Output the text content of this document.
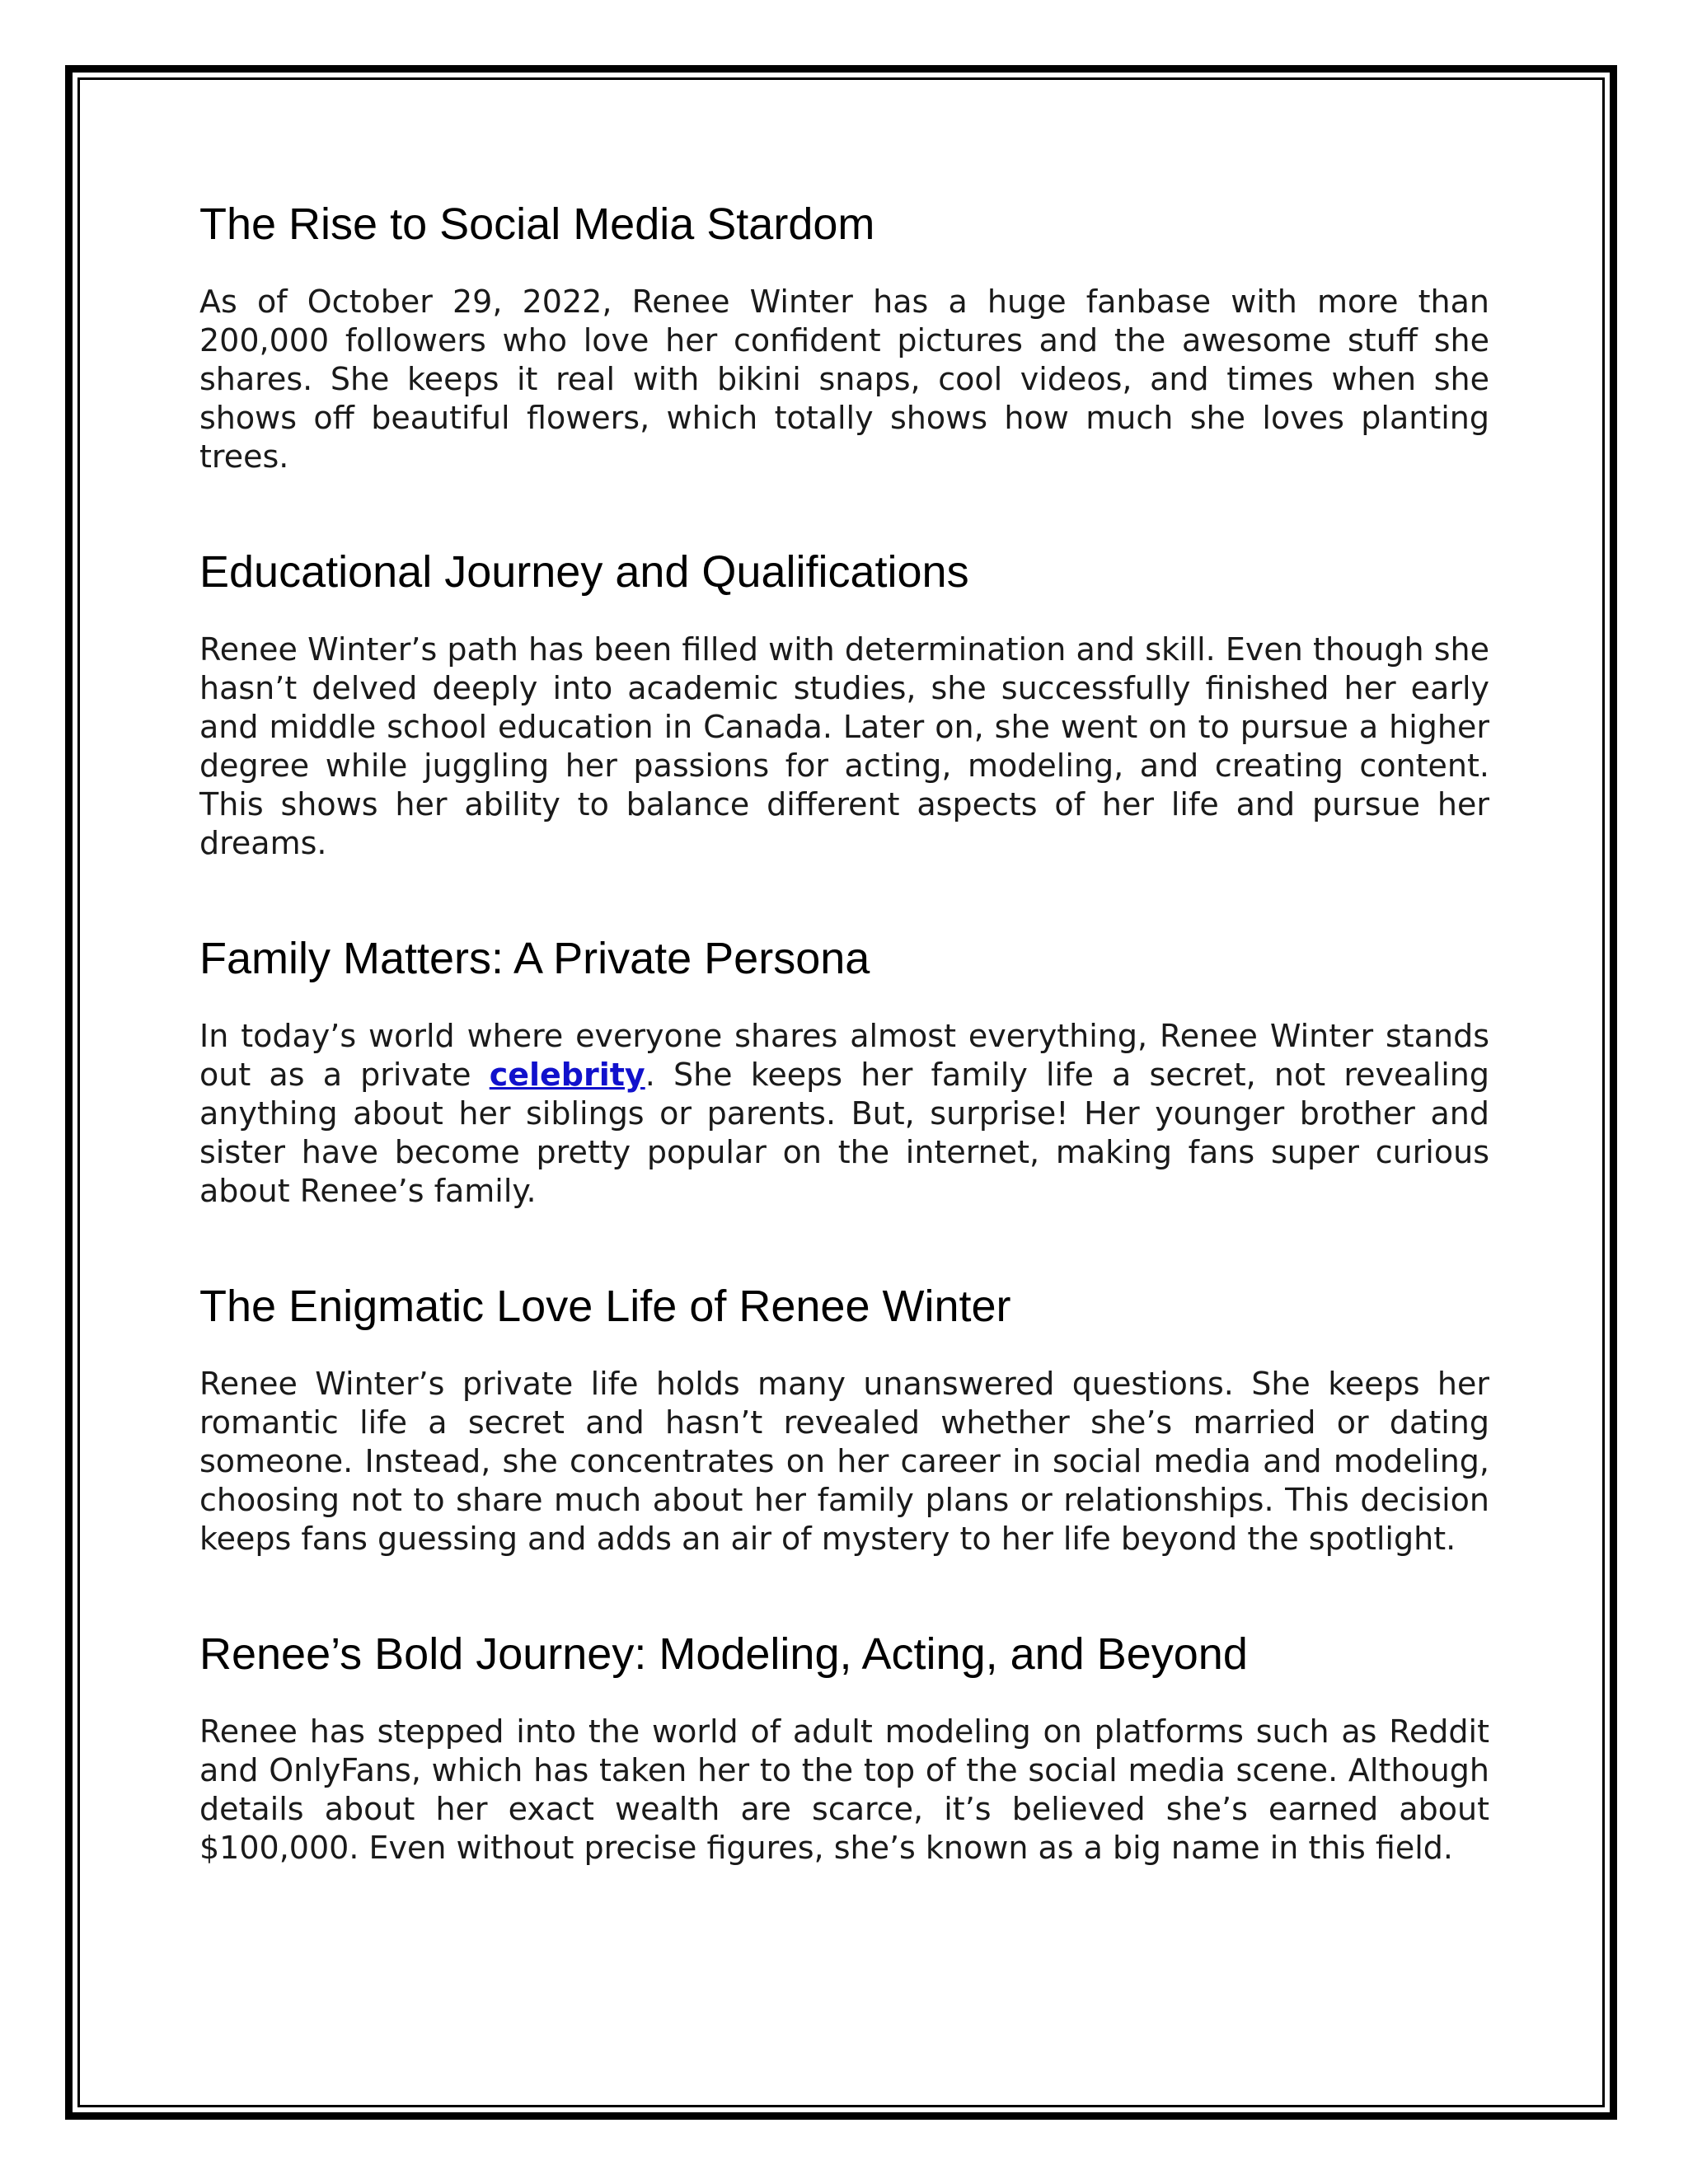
The Rise to Social Media Stardom

As of October 29, 2022, Renee Winter has a huge fanbase with more than 200,000 followers who love her confident pictures and the awesome stuff she shares. She keeps it real with bikini snaps, cool videos, and times when she shows off beautiful flowers, which totally shows how much she loves planting trees.

Educational Journey and Qualifications

Renee Winter’s path has been filled with determination and skill. Even though she hasn’t delved deeply into academic studies, she successfully finished her early and middle school education in Canada. Later on, she went on to pursue a higher degree while juggling her passions for acting, modeling, and creating content. This shows her ability to balance different aspects of her life and pursue her dreams.

Family Matters: A Private Persona

In today’s world where everyone shares almost everything, Renee Winter stands out as a private celebrity. She keeps her family life a secret, not revealing anything about her siblings or parents. But, surprise! Her younger brother and sister have become pretty popular on the internet, making fans super curious about Renee’s family.

The Enigmatic Love Life of Renee Winter

Renee Winter’s private life holds many unanswered questions. She keeps her romantic life a secret and hasn’t revealed whether she’s married or dating someone. Instead, she concentrates on her career in social media and modeling, choosing not to share much about her family plans or relationships. This decision keeps fans guessing and adds an air of mystery to her life beyond the spotlight.

Renee’s Bold Journey: Modeling, Acting, and Beyond

Renee has stepped into the world of adult modeling on platforms such as Reddit and OnlyFans, which has taken her to the top of the social media scene. Although details about her exact wealth are scarce, it’s believed she’s earned about $100,000. Even without precise figures, she’s known as a big name in this field.
